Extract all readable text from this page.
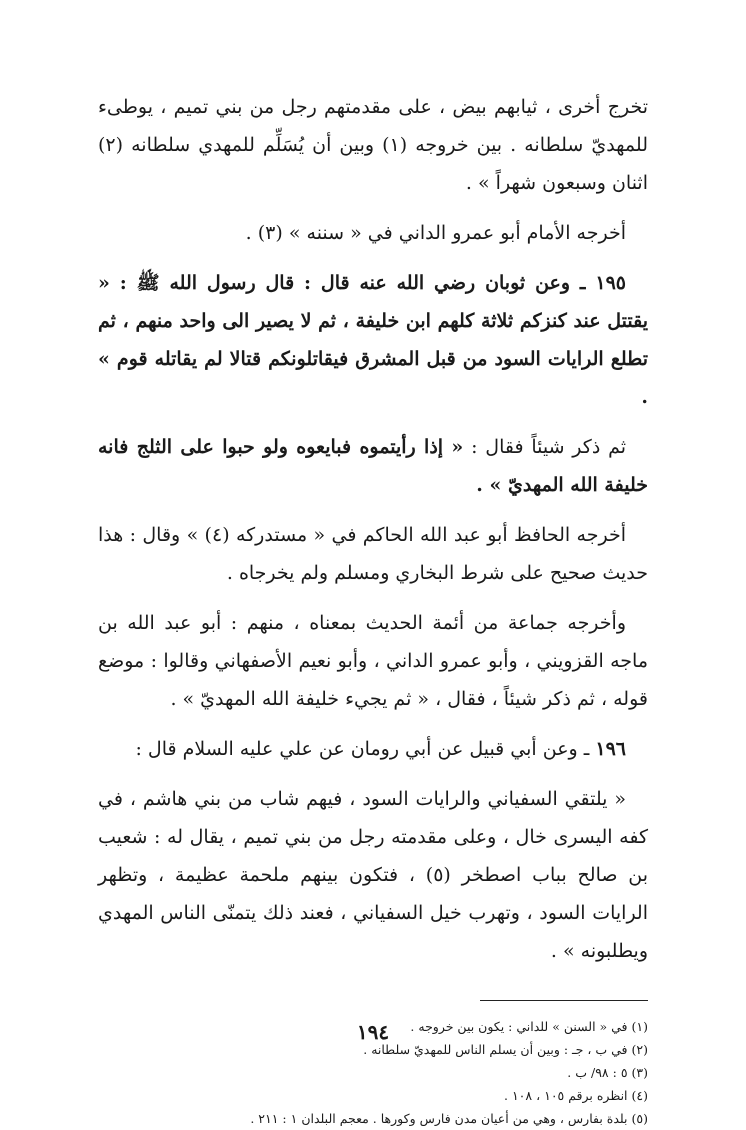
تخرج أخرى ، ثيابهم بيض ، على مقدمتهم رجل من بني تميم ، يوطىء للمهديّ سلطانه . بين خروجه (١) وبين أن يُسَلِّم للمهدي سلطانه (٢) اثنان وسبعون شهراً » .

أخرجه الأمام أبو عمرو الداني في « سننه » (٣) .

١٩٥ ـ وعن ثوبان رضي الله عنه قال : قال رسول الله ﷺ : « يقتتل عند كنزكم ثلاثة كلهم ابن خليفة ، ثم لا يصير الى واحد منهم ، ثم تطلع الرايات السود من قبل المشرق فيقاتلونكم قتالا لم يقاتله قوم » .

ثم ذكر شيئاً فقال : « إذا رأيتموه فبايعوه ولو حبوا على الثلج فانه خليفة الله المهديّ » .

أخرجه الحافظ أبو عبد الله الحاكم في « مستدركه (٤) » وقال : هذا حديث صحيح على شرط البخاري ومسلم ولم يخرجاه .

وأخرجه جماعة من أئمة الحديث بمعناه ، منهم : أبو عبد الله بن ماجه القزويني ، وأبو عمرو الداني ، وأبو نعيم الأصفهاني وقالوا : موضع قوله ، ثم ذكر شيئاً ، فقال ، « ثم يجيء خليفة الله المهديّ » .

١٩٦ ـ وعن أبي قبيل عن أبي رومان عن علي عليه السلام قال :

« يلتقي السفياني والرايات السود ، فيهم شاب من بني هاشم ، في كفه اليسرى خال ، وعلى مقدمته رجل من بني تميم ، يقال له : شعيب بن صالح بباب اصطخر (٥) ، فتكون بينهم ملحمة عظيمة ، وتظهر الرايات السود ، وتهرب خيل السفياني ، فعند ذلك يتمنّى الناس المهدي ويطلبونه » .

(١) في « السنن » للداني : يكون بين خروجه .

(٢) في ب ، جـ : وبين أن يسلم الناس للمهديّ سلطانه .

(٣) ٥ : ٩٨/ ب .

(٤) انظره برقم ١٠٥ ، ١٠٨ .

(٥) بلدة بفارس ، وهي من أعيان مدن فارس وكورها . معجم البلدان ١ : ٢١١ .

١٩٤
